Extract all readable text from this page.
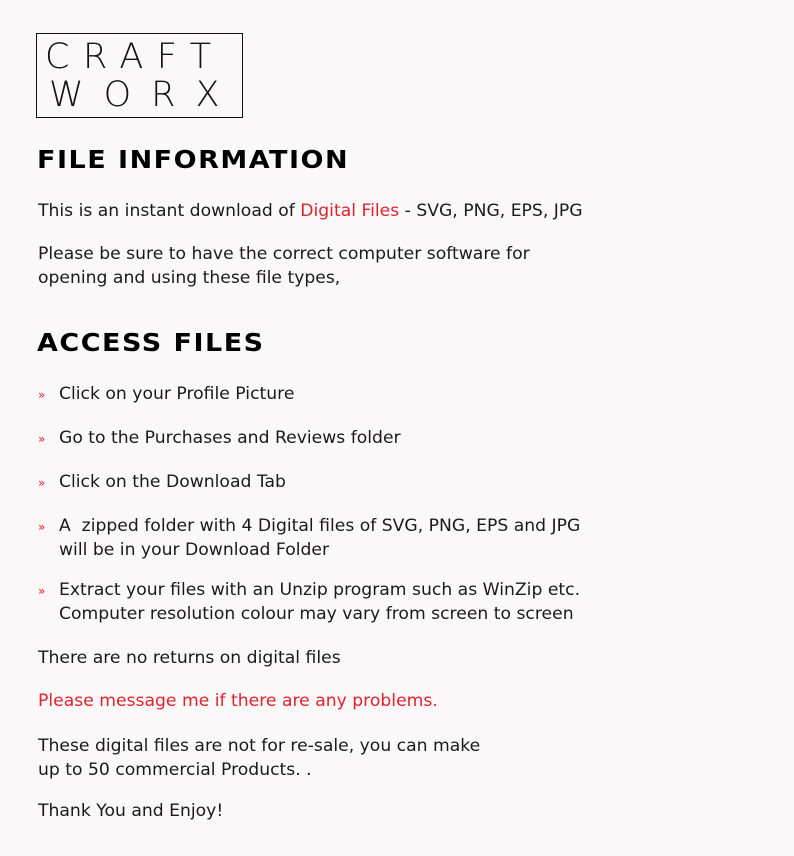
CRAFT
WORX
FILE INFORMATION

This is an instant download of Digital Files - SVG, PNG, EPS, JPG

Please be sure to have the correct computer software for

opening and using these file types,

ACCESS FILES
» Click on your Profile Picture
» Go to the Purchases and Reviews folder
» Click on the Download Tab
» A  zipped folder with 4 Digital files of SVG, PNG, EPS and JPG
will be in your Download Folder
» Extract your files with an Unzip program such as WinZip etc.
Computer resolution colour may vary from screen to screen

There are no returns on digital files

Please message me if there are any problems.

These digital files are not for re-sale, you can make

up to 50 commercial Products. .

Thank You and Enjoy!
